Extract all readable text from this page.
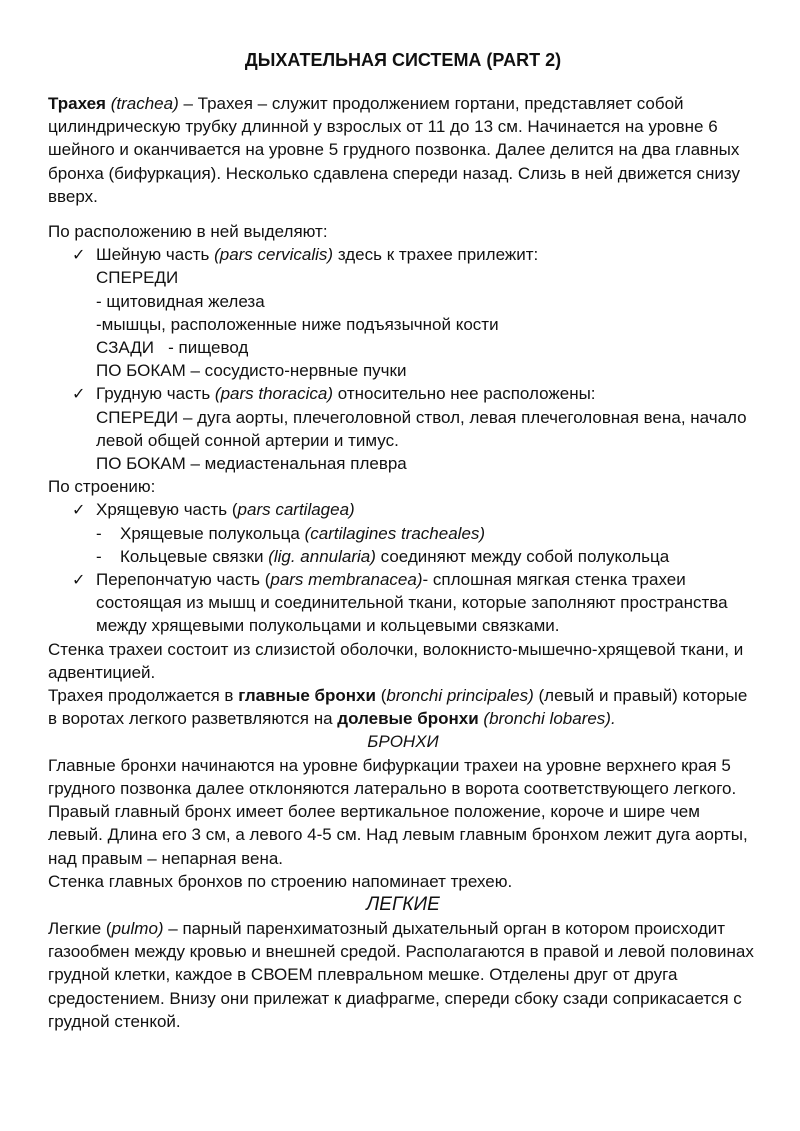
ДЫХАТЕЛЬНАЯ СИСТЕМА (PART 2)

Трахея (trachea) – Трахея – служит продолжением гортани, представляет собой цилиндрическую трубку длинной у взрослых от 11 до 13 см. Начинается на уровне 6 шейного и оканчивается на уровне 5 грудного позвонка. Далее делится на два главных бронха (бифуркация). Несколько сдавлена спереди назад. Слизь в ней движется снизу вверх.

По расположению в ней выделяют:

✓ Шейную часть (pars cervicalis) здесь к трахее прилежит:

СПЕРЕДИ

- щитовидная железа

-мышцы, расположенные ниже подъязычной кости

СЗАДИ   - пищевод

ПО БОКАМ – сосудисто-нервные пучки

✓ Грудную часть (pars thoracica) относительно нее расположены:

СПЕРЕДИ – дуга аорты, плечеголовной ствол, левая плечеголовная вена, начало левой общей сонной артерии и тимус.

ПО БОКАМ – медиастенальная плевра

По строению:

✓ Хрящевую часть (pars cartilagea)

- Хрящевые полукольца (cartilagines tracheales)

- Кольцевые связки (lig. annularia) соединяют между собой полукольца

✓ Перепончатую часть (pars membranacea)- сплошная мягкая стенка трахеи состоящая из мышц и соединительной ткани, которые заполняют пространства между хрящевыми полукольцами и кольцевыми связками.

Стенка трахеи состоит из слизистой оболочки, волокнисто-мышечно-хрящевой ткани, и адвентицией.

Трахея продолжается в главные бронхи (bronchi principales) (левый и правый) которые в воротах легкого разветвляются на долевые бронхи (bronchi lobares).

БРОНХИ

Главные бронхи начинаются на уровне бифуркации трахеи на уровне верхнего края 5 грудного позвонка далее отклоняются латерально в ворота соответствующего легкого. Правый главный бронх имеет более вертикальное положение, короче и шире чем левый. Длина его 3 см, а левого 4-5 см. Над левым главным бронхом лежит дуга аорты, над правым – непарная вена.

Стенка главных бронхов по строению напоминает трехею.

ЛЕГКИЕ

Легкие (pulmo) – парный паренхиматозный дыхательный орган в котором происходит газообмен между кровью и внешней средой. Располагаются в правой и левой половинах грудной клетки, каждое в СВОЕМ плевральном мешке. Отделены друг от друга средостением. Внизу они прилежат к диафрагме, спереди сбоку сзади соприкасается с грудной стенкой.
